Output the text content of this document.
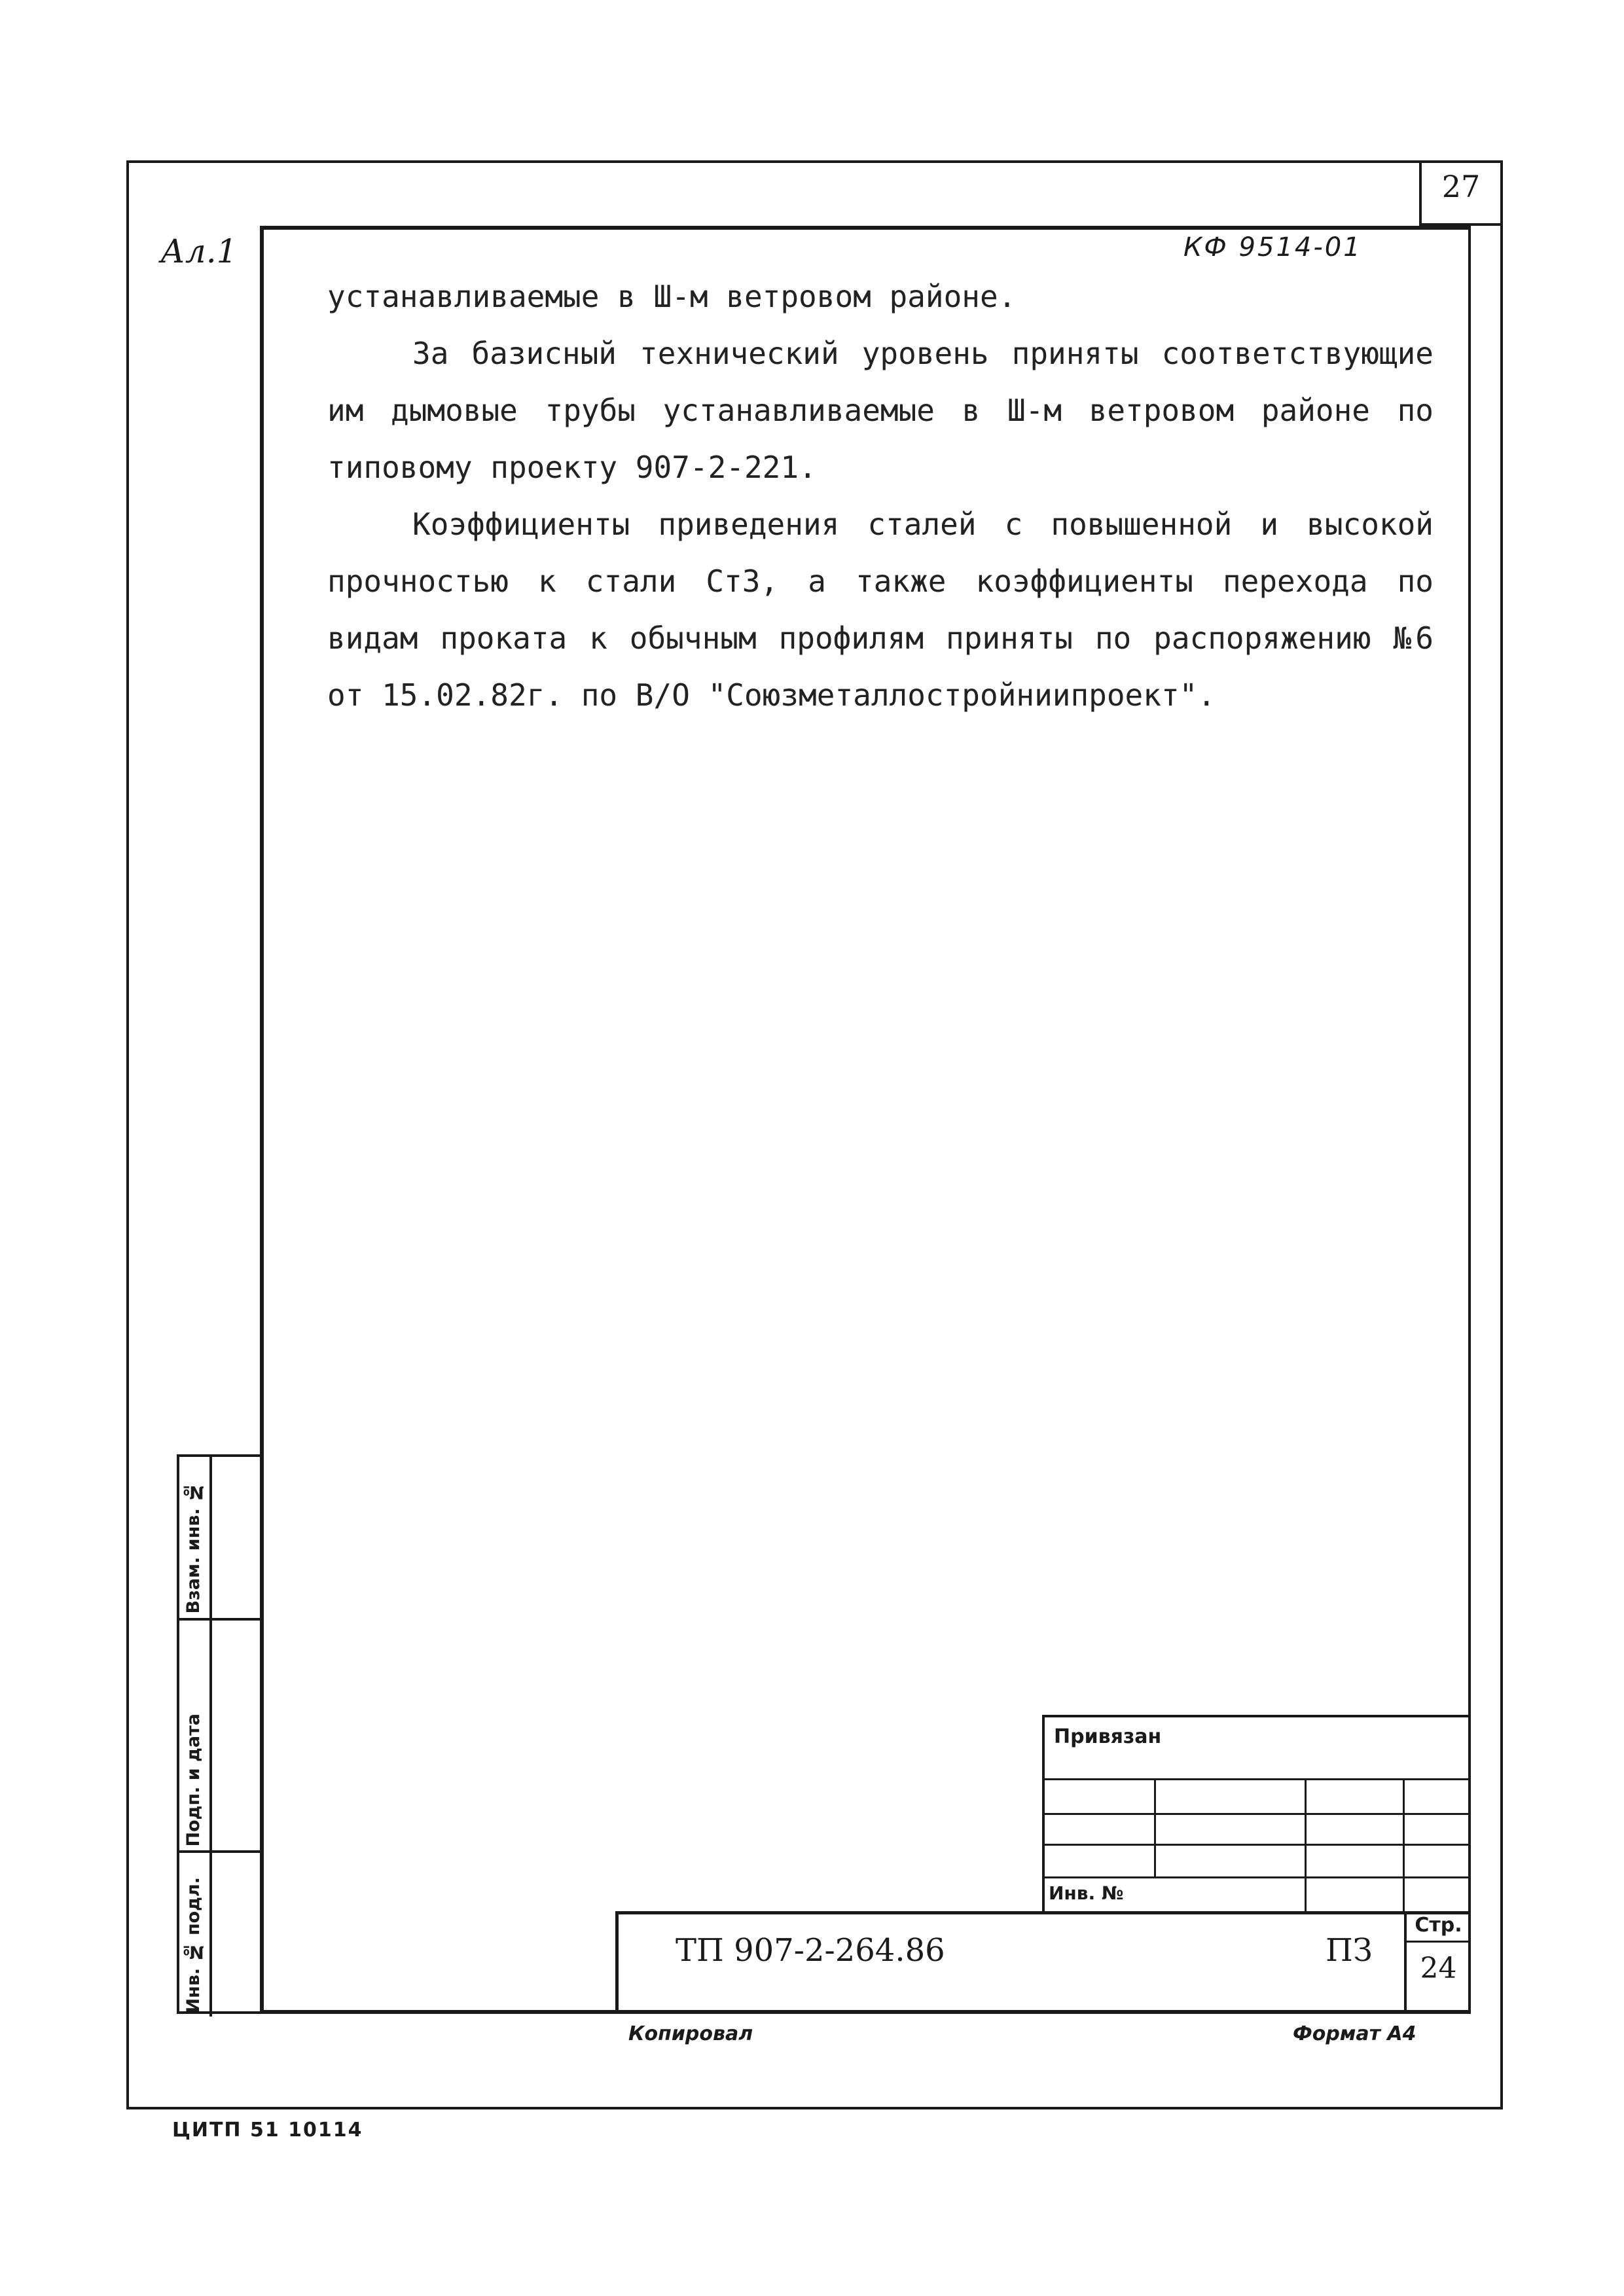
27
Ал.1	КФ 9514-01

устанавливаемые в Ш-м ветровом районе.

За базисный технический уровень приняты соответствующие им дымовые трубы устанавливаемые в Ш-м ветровом районе по типовому проекту 907-2-221.

Коэффициенты приведения сталей с повышенной и высокой прочностью к стали Ст3, а также коэффициенты перехода по видам проката к обычным профилям приняты по распоряжению №6 от 15.02.82г. по В/О "Союзметаллостройниипроект".

Взам. инв. №
Подп. и дата
Инв. № подл.
Привязан
Инв. №
ТП 907-2-264.86	ПЗ
Стр.
24
Копировал	Формат А4
ЦИТП 51 10114
